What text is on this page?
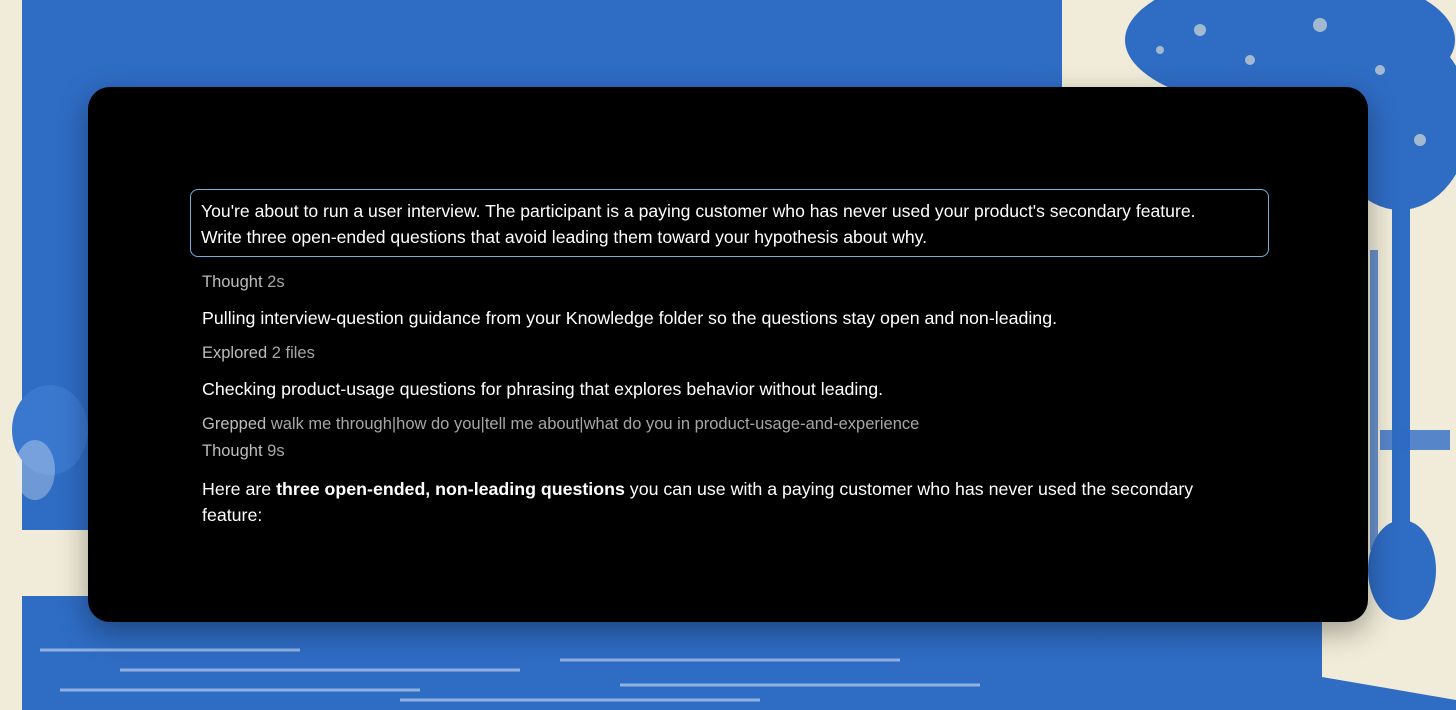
You're about to run a user interview. The participant is a paying customer who has never used your product's secondary feature.
Write three open-ended questions that avoid leading them toward your hypothesis about why.
Thought 2s
Pulling interview-question guidance from your Knowledge folder so the questions stay open and non-leading.
Explored 2 files
Checking product-usage questions for phrasing that explores behavior without leading.
Grepped walk me through|how do you|tell me about|what do you in product-usage-and-experience
Thought 9s
Here are three open-ended, non-leading questions you can use with a paying customer who has never used the secondary feature:
